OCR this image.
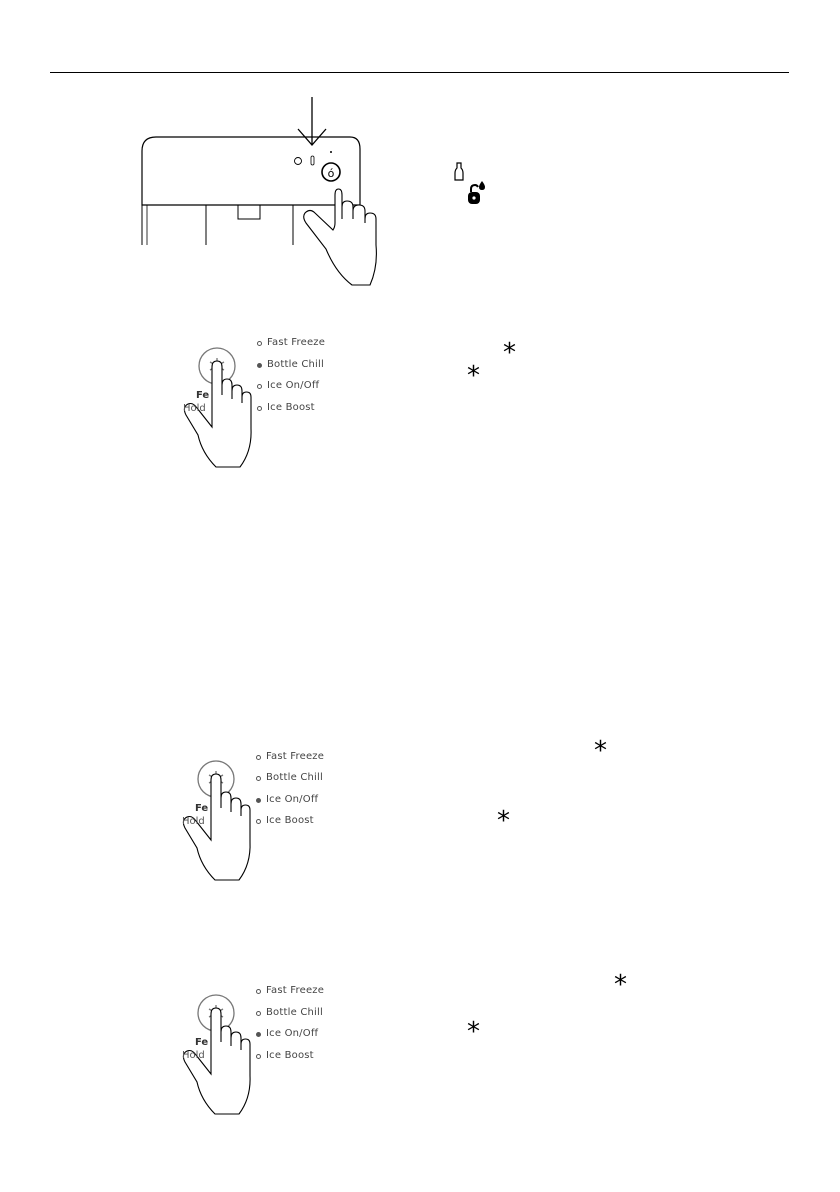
ó
Fe
Hold
Fast Freeze
Bottle Chill
Ice On/Off
Ice Boost
*
*
Fe
Hold
Fast Freeze
Bottle Chill
Ice On/Off
Ice Boost
*
*
Fe
Hold
Fast Freeze
Bottle Chill
Ice On/Off
Ice Boost
*
*
